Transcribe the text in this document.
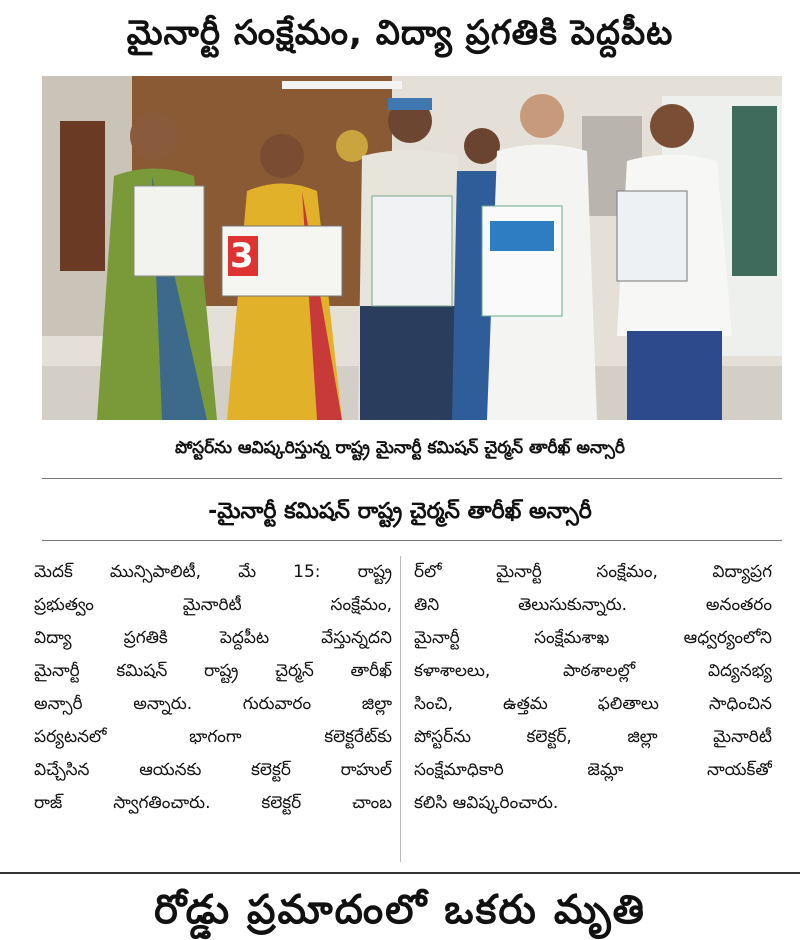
మైనార్టీ సంక్షేమం, విద్యా ప్రగతికి పెద్దపీట
3
పోస్టర్‌ను ఆవిష్కరిస్తున్న రాష్ట్ర మైనార్టీ కమిషన్ చైర్మన్ తారీఖ్ అన్సారీ
-మైనార్టీ కమిషన్ రాష్ట్ర చైర్మన్ తారీఖ్ అన్సారీ
మెదక్ మున్సిపాలిటీ, మే 15: రాష్ట్ర
ప్రభుత్వం మైనారిటీ సంక్షేమం,
విద్యా ప్రగతికి పెద్దపీట వేస్తున్నదని
మైనార్టీ కమిషన్ రాష్ట్ర చైర్మన్ తారీఖ్
అన్సారీ అన్నారు. గురువారం జిల్లా
పర్యటనలో భాగంగా కలెక్టరేట్‌కు
విచ్చేసిన ఆయనకు కలెక్టర్ రాహుల్
రాజ్ స్వాగతించారు. కలెక్టర్ చాంబ
ర్‌లో మైనార్టీ సంక్షేమం, విద్యాప్రగ
తిని తెలుసుకున్నారు. అనంతరం
మైనార్టీ సంక్షేమశాఖ ఆధ్వర్యంలోని
కళాశాలలు, పాఠశాలల్లో విద్యనభ్య
సించి, ఉత్తమ ఫలితాలు సాధించిన
పోస్టర్‌ను కలెక్టర్, జిల్లా మైనారిటీ
సంక్షేమాధికారి జెమ్లా నాయక్‌తో
కలిసి ఆవిష్కరించారు.
రోడ్డు ప్రమాదంలో ఒకరు మృతి
